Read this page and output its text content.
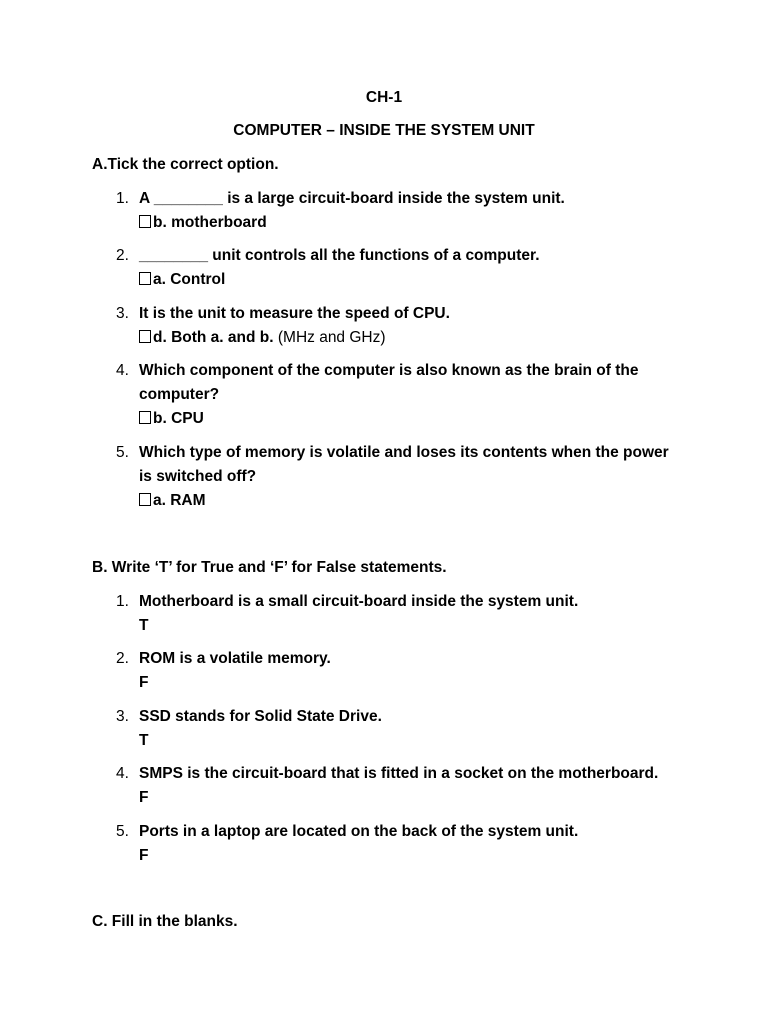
CH-1
COMPUTER – INSIDE THE SYSTEM UNIT
A.Tick the correct option.
1. A ________ is a large circuit-board inside the system unit.
b. motherboard
2. ________ unit controls all the functions of a computer.
a. Control
3. It is the unit to measure the speed of CPU.
d. Both a. and b. (MHz and GHz)
4. Which component of the computer is also known as the brain of the computer?
b. CPU
5. Which type of memory is volatile and loses its contents when the power is switched off?
a. RAM
B. Write ‘T’ for True and ‘F’ for False statements.
1. Motherboard is a small circuit-board inside the system unit.
T
2. ROM is a volatile memory.
F
3. SSD stands for Solid State Drive.
T
4. SMPS is the circuit-board that is fitted in a socket on the motherboard.
F
5. Ports in a laptop are located on the back of the system unit.
F
C. Fill in the blanks.
